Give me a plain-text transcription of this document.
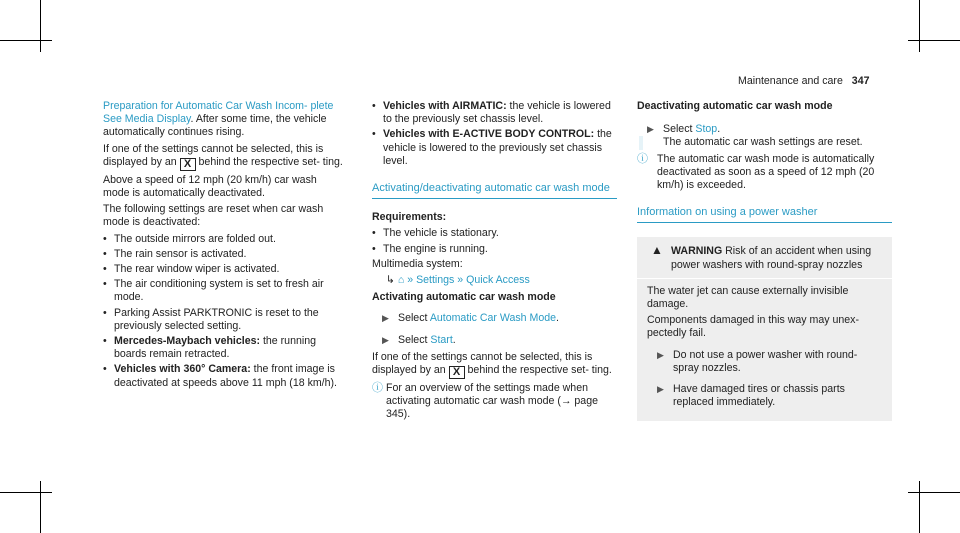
Maintenance and care 347

Preparation for Automatic Car Wash Incom- plete See Media Display. After some time, the vehicle automatically continues rising.

If one of the settings cannot be selected, this is displayed by an X behind the respective set- ting.

Above a speed of 12 mph (20 km/h) car wash mode is automatically deactivated.

The following settings are reset when car wash mode is deactivated:

• The outside mirrors are folded out.
• The rain sensor is activated.
• The rear window wiper is activated.
• The air conditioning system is set to fresh air mode.
• Parking Assist PARKTRONIC is reset to the previously selected setting.
• Mercedes-Maybach vehicles: the running boards remain retracted.
• Vehicles with 360° Camera: the front image is deactivated at speeds above 11 mph (18 km/h).
• Vehicles with AIRMATIC: the vehicle is lowered to the previously set chassis level.
• Vehicles with E-ACTIVE BODY CONTROL: the vehicle is lowered to the previously set chassis level.
Activating/deactivating automatic car wash mode
Requirements:
• The vehicle is stationary.
• The engine is running.

Multimedia system:

↳ ⌂ » Settings » Quick Access
Activating automatic car wash mode
▶ Select Automatic Car Wash Mode.
▶ Select Start.

If one of the settings cannot be selected, this is displayed by an X behind the respective set- ting.

ⓘ For an overview of the settings made when activating automatic car wash mode (→ page 345).
Deactivating automatic car wash mode
▶ Select Stop.

The automatic car wash settings are reset.

ⓘ The automatic car wash mode is automatically deactivated as soon as a speed of 12 mph (20 km/h) is exceeded.
Information on using a power washer
▲ WARNING Risk of an accident when using power washers with round-spray nozzles

The water jet can cause externally invisible damage.

Components damaged in this way may unex- pectedly fail.

▶ Do not use a power washer with round- spray nozzles.
▶ Have damaged tires or chassis parts replaced immediately.
